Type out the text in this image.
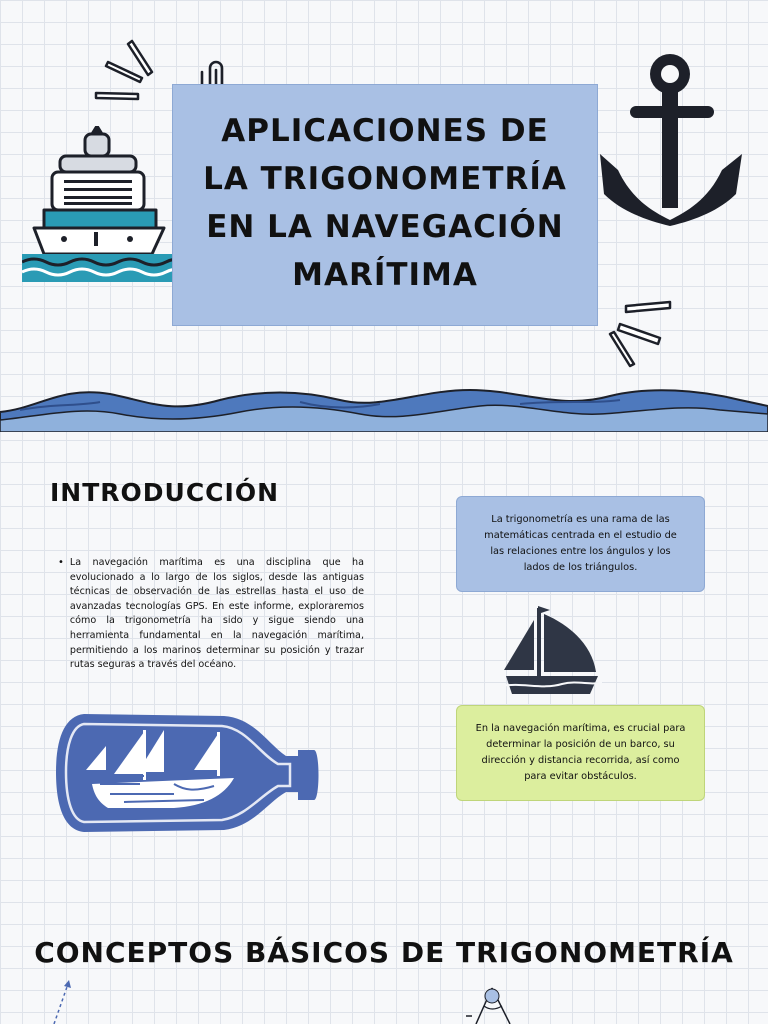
APLICACIONES DE LA TRIGONOMETRÍA EN LA NAVEGACIÓN MARÍTIMA
INTRODUCCIÓN
• La navegación marítima es una disciplina que ha evolucionado a lo largo de los siglos, desde las antiguas técnicas de observación de las estrellas hasta el uso de avanzadas tecnologías GPS. En este informe, exploraremos cómo la trigonometría ha sido y sigue siendo una herramienta fundamental en la navegación marítima, permitiendo a los marinos determinar su posición y trazar rutas seguras a través del océano.
La trigonometría es una rama de las matemáticas centrada en el estudio de las relaciones entre los ángulos y los lados de los triángulos.
En la navegación marítima, es crucial para determinar la posición de un barco, su dirección y distancia recorrida, así como para evitar obstáculos.
CONCEPTOS BÁSICOS DE TRIGONOMETRÍA
